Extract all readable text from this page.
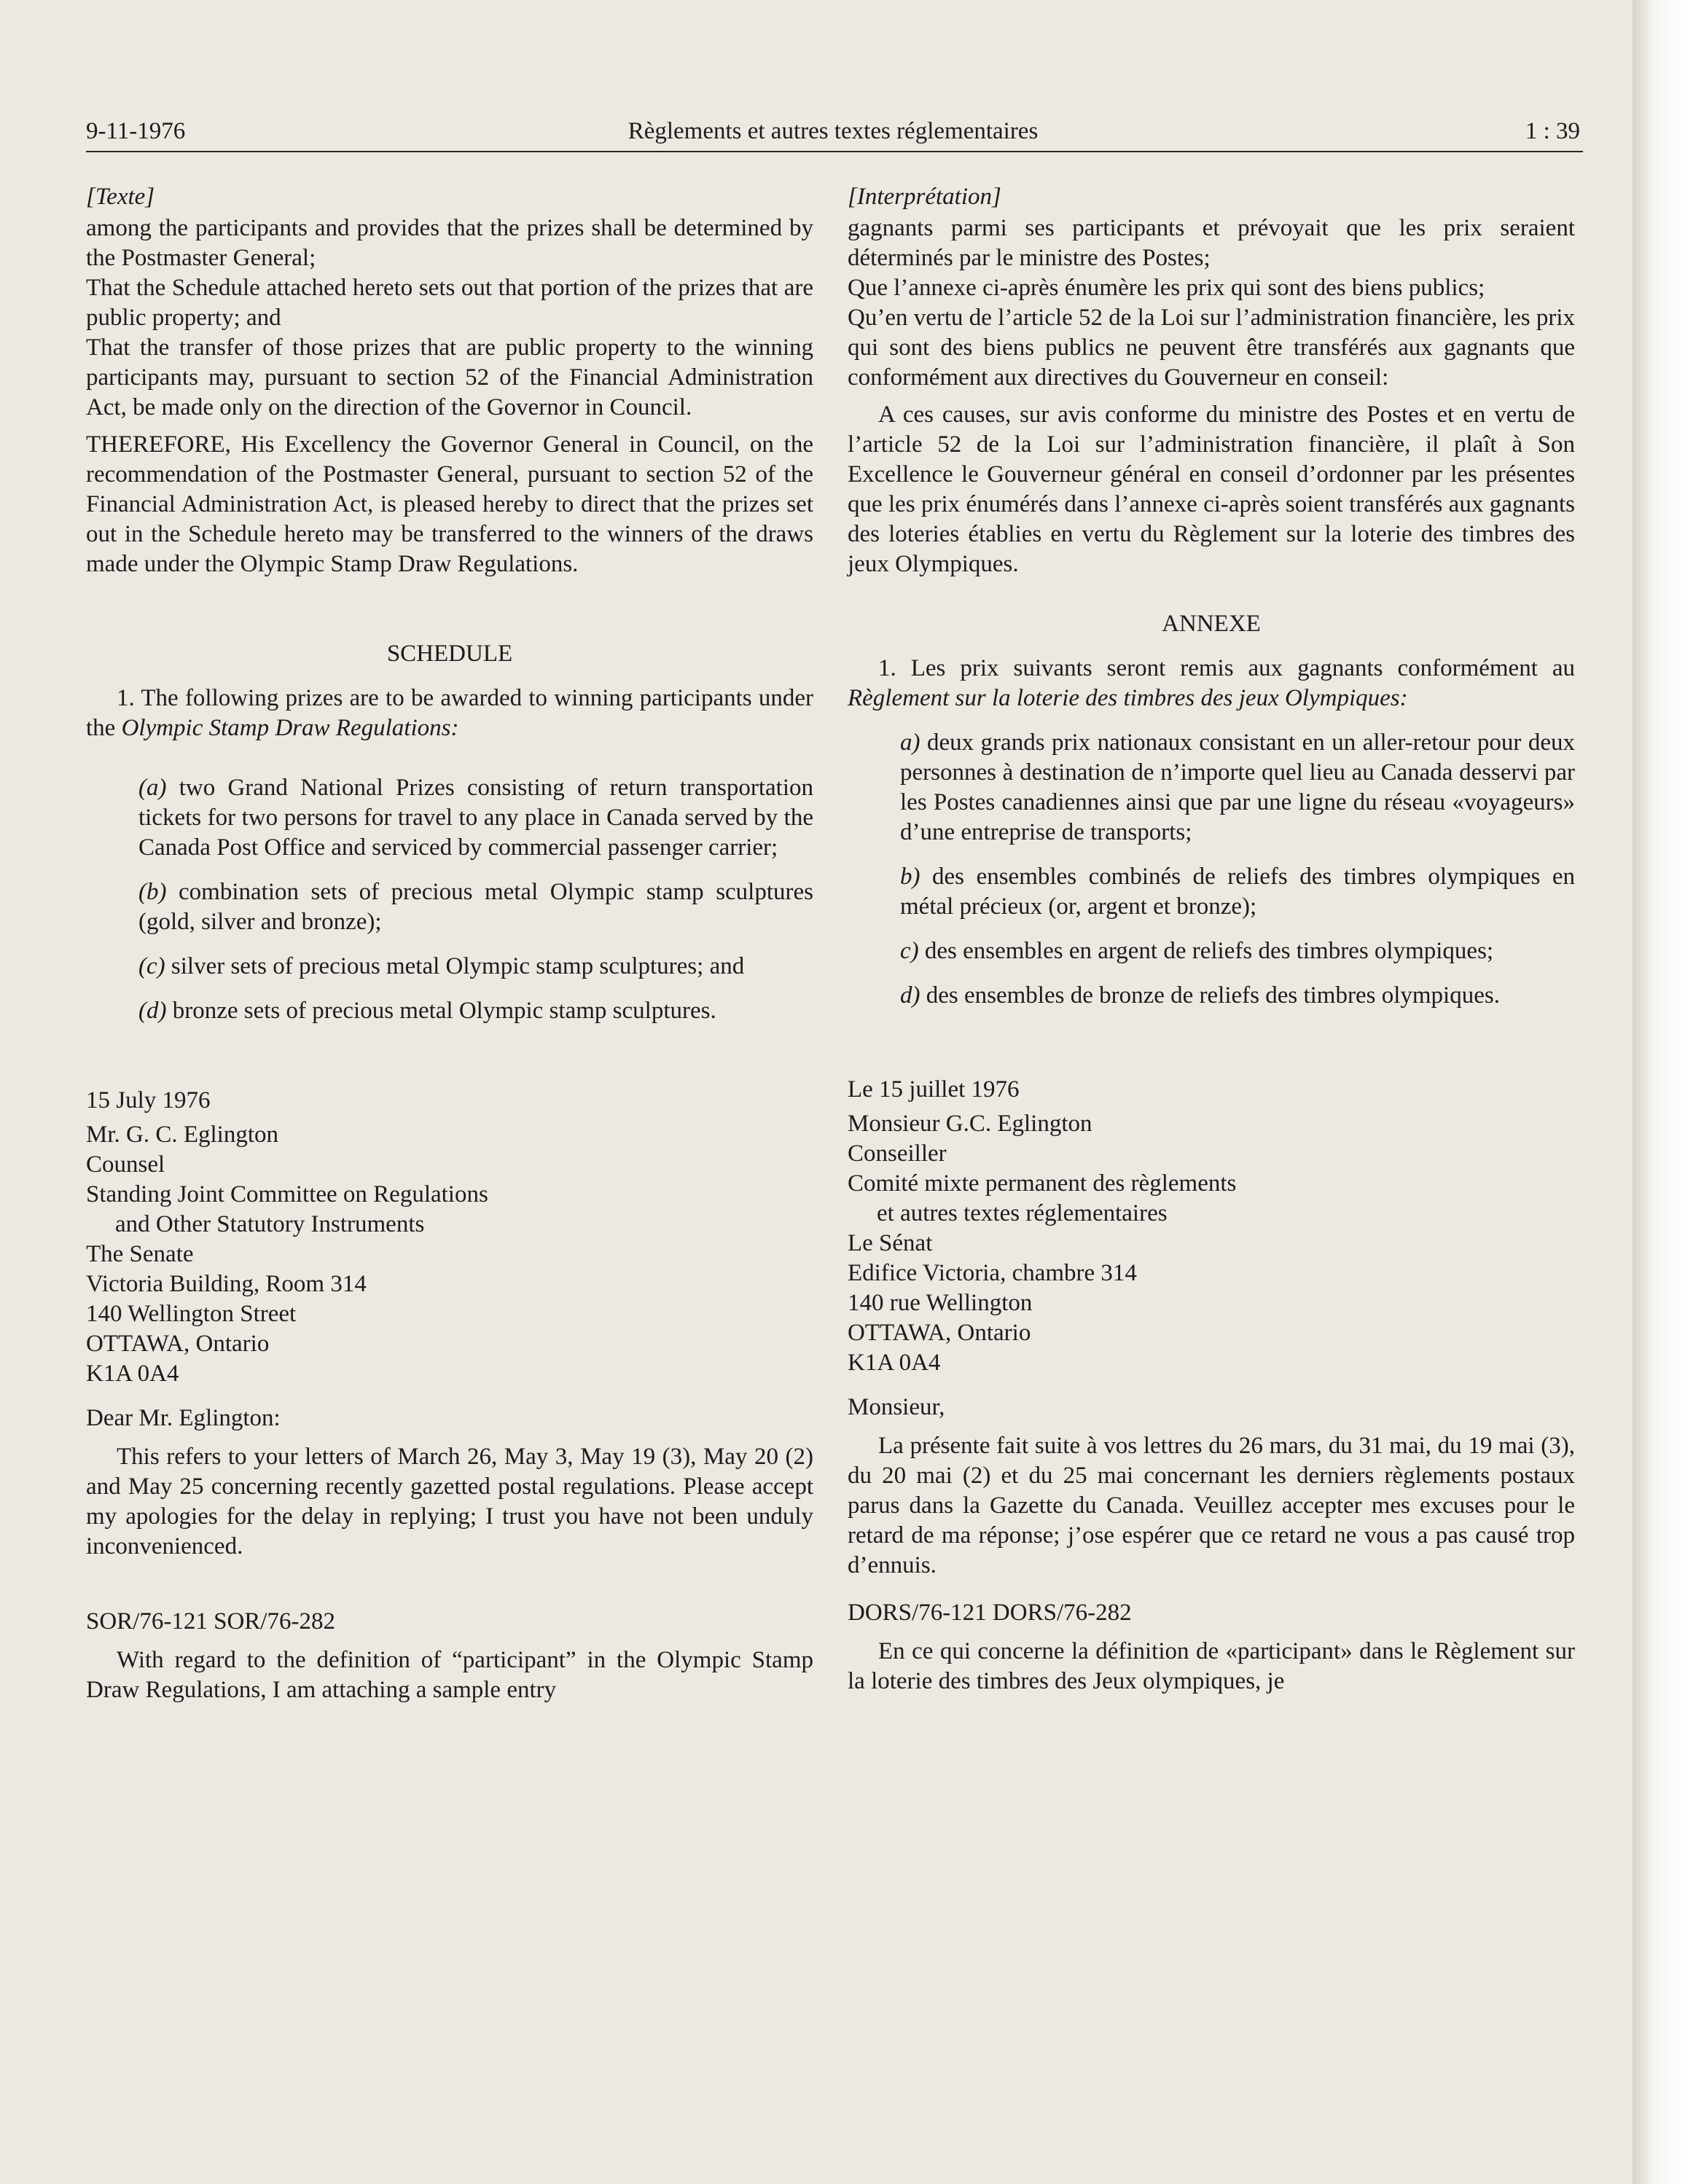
9-11-1976	Règlements et autres textes réglementaires	1 : 39

[Texte]

among the participants and provides that the prizes shall be determined by the Postmaster General;

That the Schedule attached hereto sets out that portion of the prizes that are public property; and

That the transfer of those prizes that are public property to the winning participants may, pursuant to section 52 of the Financial Administration Act, be made only on the direction of the Governor in Council.

THEREFORE, His Excellency the Governor General in Council, on the recommendation of the Postmaster General, pursuant to section 52 of the Financial Administration Act, is pleased hereby to direct that the prizes set out in the Schedule hereto may be transferred to the winners of the draws made under the Olympic Stamp Draw Regulations.

SCHEDULE

1. The following prizes are to be awarded to winning participants under the Olympic Stamp Draw Regulations:

(a) two Grand National Prizes consisting of return transportation tickets for two persons for travel to any place in Canada served by the Canada Post Office and serviced by commercial passenger carrier;

(b) combination sets of precious metal Olympic stamp sculptures (gold, silver and bronze);

(c) silver sets of precious metal Olympic stamp sculptures; and

(d) bronze sets of precious metal Olympic stamp sculptures.

15 July 1976

Mr. G. C. Eglington
Counsel
Standing Joint Committee on Regulations
and Other Statutory Instruments
The Senate
Victoria Building, Room 314
140 Wellington Street
OTTAWA, Ontario
K1A 0A4

Dear Mr. Eglington:

This refers to your letters of March 26, May 3, May 19 (3), May 20 (2) and May 25 concerning recently gazetted postal regulations. Please accept my apologies for the delay in replying; I trust you have not been unduly inconvenienced.

SOR/76-121 SOR/76-282

With regard to the definition of “participant” in the Olympic Stamp Draw Regulations, I am attaching a sample entry

[Interprétation]

gagnants parmi ses participants et prévoyait que les prix seraient déterminés par le ministre des Postes;

Que l’annexe ci-après énumère les prix qui sont des biens publics;

Qu’en vertu de l’article 52 de la Loi sur l’administration financière, les prix qui sont des biens publics ne peuvent être transférés aux gagnants que conformément aux directives du Gouverneur en conseil:

A ces causes, sur avis conforme du ministre des Postes et en vertu de l’article 52 de la Loi sur l’administration financière, il plaît à Son Excellence le Gouverneur général en conseil d’ordonner par les présentes que les prix énumérés dans l’annexe ci-après soient transférés aux gagnants des loteries établies en vertu du Règlement sur la loterie des timbres des jeux Olympiques.

ANNEXE

1. Les prix suivants seront remis aux gagnants conformément au Règlement sur la loterie des timbres des jeux Olympiques:

a) deux grands prix nationaux consistant en un aller-retour pour deux personnes à destination de n’importe quel lieu au Canada desservi par les Postes canadiennes ainsi que par une ligne du réseau «voyageurs» d’une entreprise de transports;

b) des ensembles combinés de reliefs des timbres olympiques en métal précieux (or, argent et bronze);

c) des ensembles en argent de reliefs des timbres olympiques;

d) des ensembles de bronze de reliefs des timbres olympiques.

Le 15 juillet 1976

Monsieur G.C. Eglington
Conseiller
Comité mixte permanent des règlements
et autres textes réglementaires
Le Sénat
Edifice Victoria, chambre 314
140 rue Wellington
OTTAWA, Ontario
K1A 0A4

Monsieur,

La présente fait suite à vos lettres du 26 mars, du 31 mai, du 19 mai (3), du 20 mai (2) et du 25 mai concernant les derniers règlements postaux parus dans la Gazette du Canada. Veuillez accepter mes excuses pour le retard de ma réponse; j’ose espérer que ce retard ne vous a pas causé trop d’ennuis.

DORS/76-121 DORS/76-282

En ce qui concerne la définition de «participant» dans le Règlement sur la loterie des timbres des Jeux olympiques, je
